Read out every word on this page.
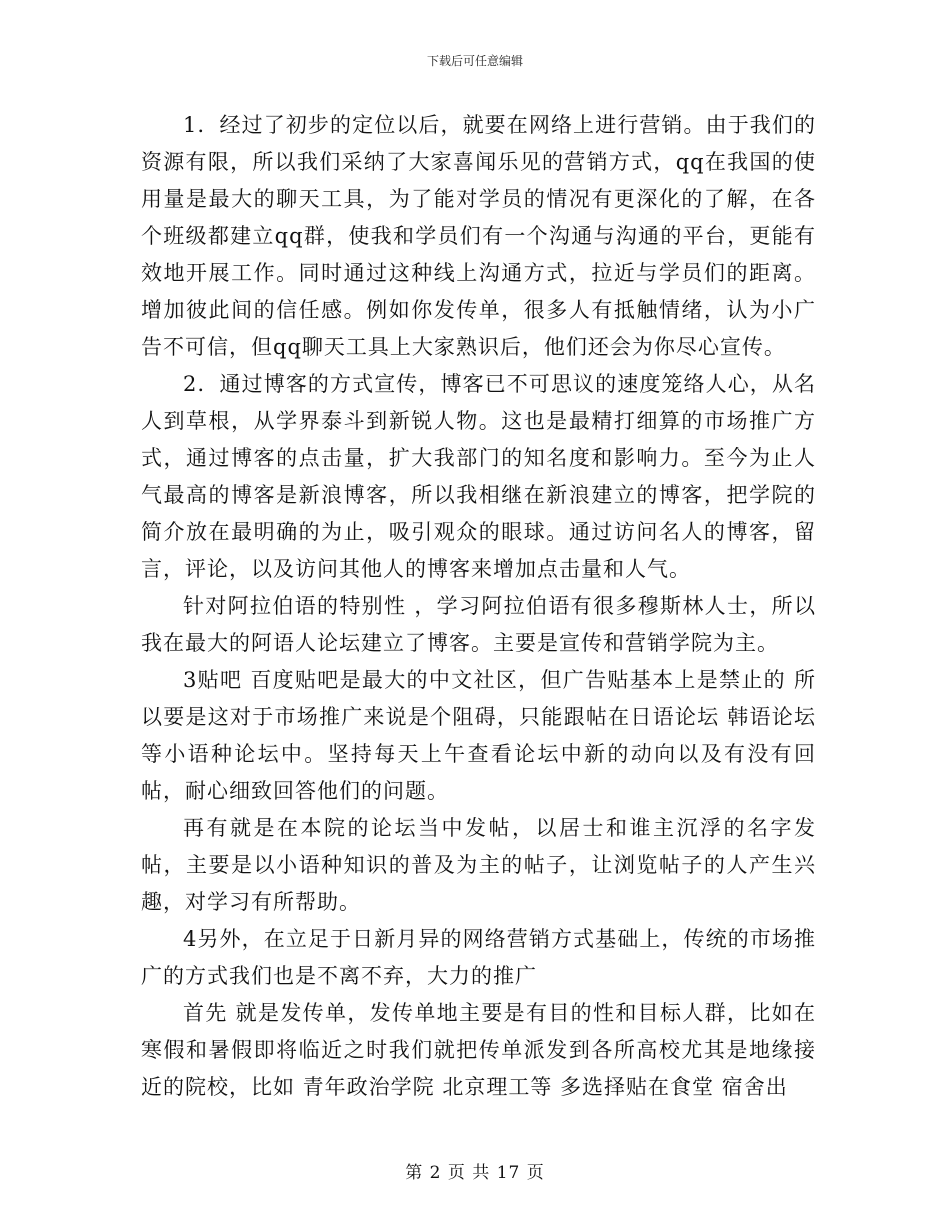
下载后可任意编辑

1．经过了初步的定位以后，就要在网络上进行营销。由于我们的资源有限，所以我们采纳了大家喜闻乐见的营销方式，qq在我国的使用量是最大的聊天工具，为了能对学员的情况有更深化的了解，在各个班级都建立qq群，使我和学员们有一个沟通与沟通的平台，更能有效地开展工作。同时通过这种线上沟通方式，拉近与学员们的距离。增加彼此间的信任感。例如你发传单，很多人有抵触情绪，认为小广告不可信，但qq聊天工具上大家熟识后，他们还会为你尽心宣传。

2．通过博客的方式宣传，博客已不可思议的速度笼络人心，从名人到草根，从学界泰斗到新锐人物。这也是最精打细算的市场推广方式，通过博客的点击量，扩大我部门的知名度和影响力。至今为止人气最高的博客是新浪博客，所以我相继在新浪建立的博客，把学院的简介放在最明确的为止，吸引观众的眼球。通过访问名人的博客，留言，评论，以及访问其他人的博客来增加点击量和人气。

针对阿拉伯语的特别性 ，学习阿拉伯语有很多穆斯林人士，所以我在最大的阿语人论坛建立了博客。主要是宣传和营销学院为主。

3贴吧 百度贴吧是最大的中文社区，但广告贴基本上是禁止的 所以要是这对于市场推广来说是个阻碍，只能跟帖在日语论坛 韩语论坛等小语种论坛中。坚持每天上午查看论坛中新的动向以及有没有回帖，耐心细致回答他们的问题。

再有就是在本院的论坛当中发帖，以居士和谁主沉浮的名字发帖，主要是以小语种知识的普及为主的帖子，让浏览帖子的人产生兴趣，对学习有所帮助。

4另外，在立足于日新月异的网络营销方式基础上，传统的市场推广的方式我们也是不离不弃，大力的推广

首先 就是发传单，发传单地主要是有目的性和目标人群，比如在寒假和暑假即将临近之时我们就把传单派发到各所高校尤其是地缘接近的院校，比如 青年政治学院 北京理工等 多选择贴在食堂 宿舍出

第 2 页 共 17 页
